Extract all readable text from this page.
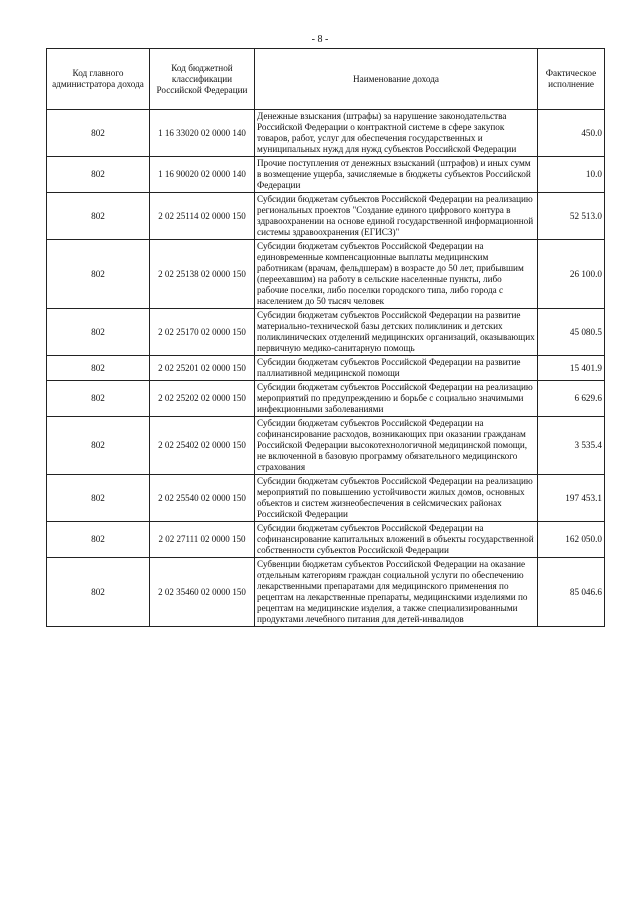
- 8 -
Код главного администратора дохода	Код бюджетной классификации Российской Федерации	Наименование дохода	Фактическое исполнение
802	1 16 33020 02 0000 140	Денежные взыскания (штрафы) за нарушение законодательства Российской Федерации о контрактной системе в сфере закупок товаров, работ, услуг для обеспечения государственных и муниципальных нужд для нужд субъектов Российской Федерации	450.0
802	1 16 90020 02 0000 140	Прочие поступления от денежных взысканий (штрафов) и иных сумм в возмещение ущерба, зачисляемые в бюджеты субъектов Российской Федерации	10.0
802	2 02 25114 02 0000 150	Субсидии бюджетам субъектов Российской Федерации на реализацию региональных проектов "Создание единого цифрового контура в здравоохранении на основе единой государственной информационной системы здравоохранения (ЕГИСЗ)"	52 513.0
802	2 02 25138 02 0000 150	Субсидии бюджетам субъектов Российской Федерации на единовременные компенсационные выплаты медицинским работникам (врачам, фельдшерам) в возрасте до 50 лет, прибывшим (переехавшим) на работу в сельские населенные пункты, либо рабочие поселки, либо поселки городского типа, либо города с населением до 50 тысяч человек	26 100.0
802	2 02 25170 02 0000 150	Субсидии бюджетам субъектов Российской Федерации на развитие материально-технической базы детских поликлиник и детских поликлинических отделений медицинских организаций, оказывающих первичную медико-санитарную помощь	45 080.5
802	2 02 25201 02 0000 150	Субсидии бюджетам субъектов Российской Федерации на развитие паллиативной медицинской помощи	15 401.9
802	2 02 25202 02 0000 150	Субсидии бюджетам субъектов Российской Федерации на реализацию мероприятий по предупреждению и борьбе с социально значимыми инфекционными заболеваниями	6 629.6
802	2 02 25402 02 0000 150	Субсидии бюджетам субъектов Российской Федерации на софинансирование расходов, возникающих при оказании гражданам Российской Федерации высокотехнологичной медицинской помощи, не включенной в базовую программу обязательного медицинского страхования	3 535.4
802	2 02 25540 02 0000 150	Субсидии бюджетам субъектов Российской Федерации на реализацию мероприятий по повышению устойчивости жилых домов, основных объектов и систем жизнеобеспечения в сейсмических районах Российской Федерации	197 453.1
802	2 02 27111 02 0000 150	Субсидии бюджетам субъектов Российской Федерации на софинансирование капитальных вложений в объекты государственной собственности субъектов Российской Федерации	162 050.0
802	2 02 35460 02 0000 150	Субвенции бюджетам субъектов Российской Федерации на оказание отдельным категориям граждан социальной услуги по обеспечению лекарственными препаратами для медицинского применения по рецептам на лекарственные препараты, медицинскими изделиями по рецептам на медицинские изделия, а также специализированными продуктами лечебного питания для детей-инвалидов	85 046.6
